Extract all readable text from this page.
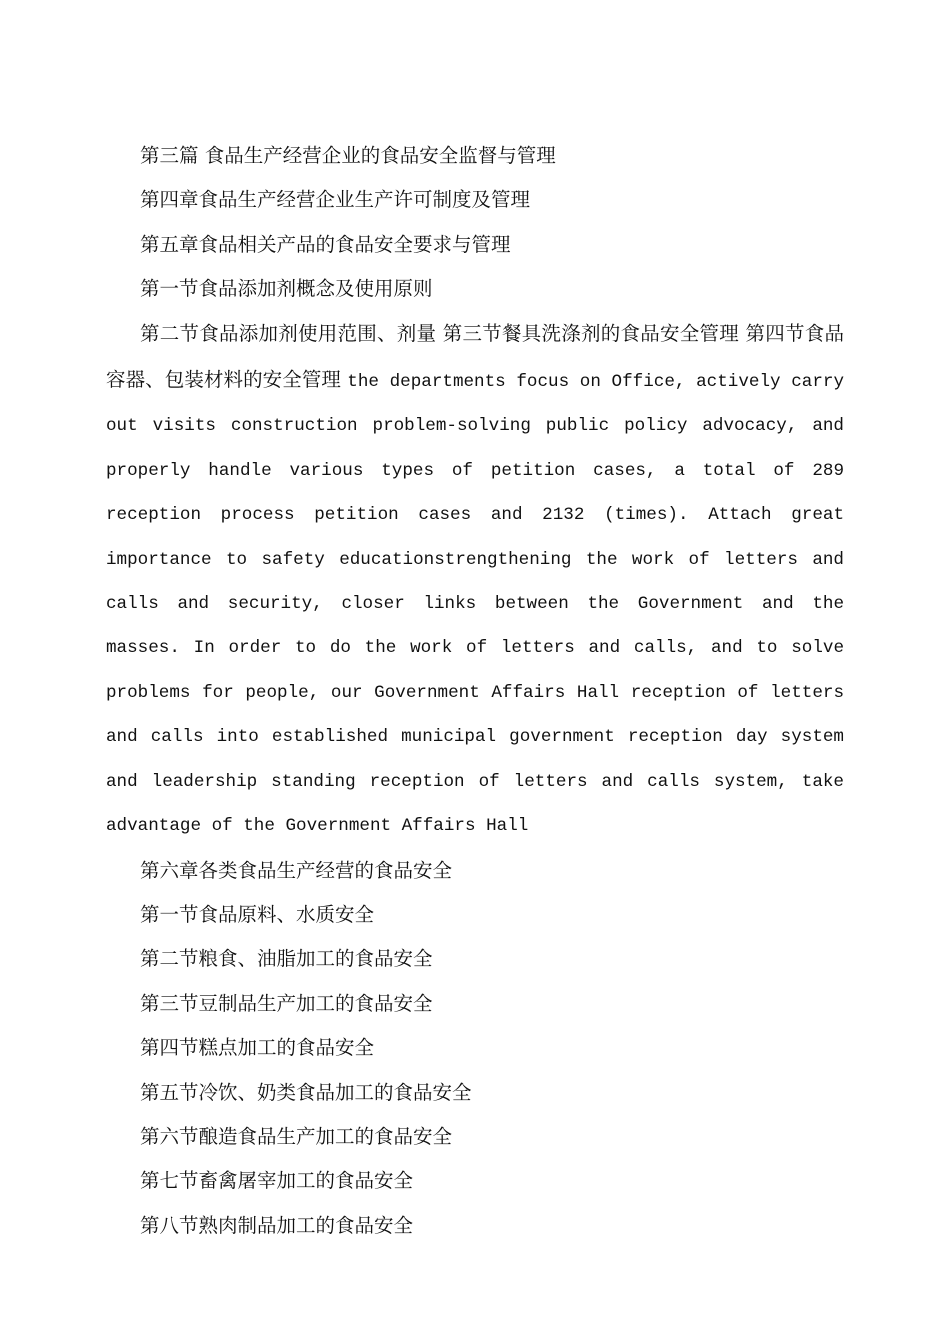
第三篇 食品生产经营企业的食品安全监督与管理

第四章食品生产经营企业生产许可制度及管理

第五章食品相关产品的食品安全要求与管理

第一节食品添加剂概念及使用原则

第二节食品添加剂使用范围、剂量 第三节餐具洗涤剂的食品安全管理 第四节食品容器、包装材料的安全管理 the departments focus on Office, actively carry out visits construction problem-solving public policy advocacy, and properly handle various types of petition cases, a total of 289 reception process petition cases and 2132 (times). Attach great importance to safety educationstrengthening the work of letters and calls and security, closer links between the Government and the masses. In order to do the work of letters and calls, and to solve problems for people, our Government Affairs Hall reception of letters and calls into established municipal government reception day system and leadership standing reception of letters and calls system, take advantage of the Government Affairs Hall

第六章各类食品生产经营的食品安全

第一节食品原料、水质安全

第二节粮食、油脂加工的食品安全

第三节豆制品生产加工的食品安全

第四节糕点加工的食品安全

第五节冷饮、奶类食品加工的食品安全

第六节酿造食品生产加工的食品安全

第七节畜禽屠宰加工的食品安全

第八节熟肉制品加工的食品安全
